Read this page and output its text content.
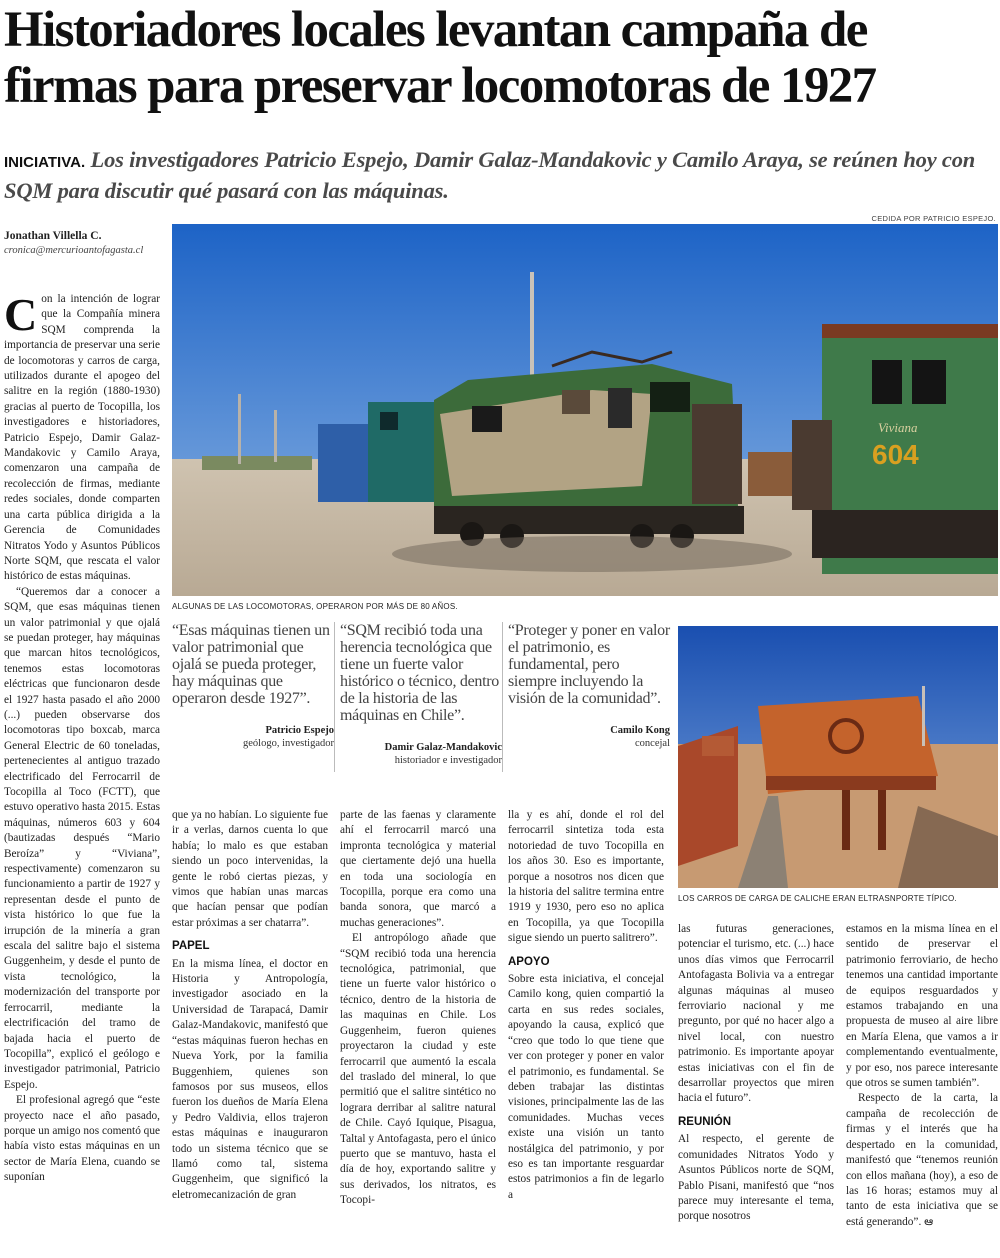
Historiadores locales levantan campaña de firmas para preservar locomotoras de 1927
INICIATIVA. Los investigadores Patricio Espejo, Damir Galaz-Mandakovic y Camilo Araya, se reúnen hoy con SQM para discutir qué pasará con las máquinas.
CEDIDA POR PATRICIO ESPEJO.
Jonathan Villella C.
cronica@mercurioantofagasta.cl
604
Viviana
ALGUNAS DE LAS LOCOMOTORAS, OPERARON POR MÁS DE 80 AÑOS.
LOS CARROS DE CARGA DE CALICHE ERAN ELTRASNPORTE TÍPICO.
“Esas máquinas tienen un valor patrimonial que ojalá se pueda proteger, hay máquinas que operaron desde 1927”.
Patricio Espejo
geólogo, investigador
“SQM recibió toda una herencia tecnológica que tiene un fuerte valor histórico o técnico, dentro de la historia de las máquinas en Chile”.
Damir Galaz-Mandakovic
historiador e investigador
“Proteger y poner en valor el patrimonio, es fundamental, pero siempre incluyendo la visión de la comunidad”.
Camilo Kong
concejal

Con la intención de lograr que la Compañía minera SQM comprenda la importancia de preservar una serie de locomotoras y carros de carga, utilizados durante el apogeo del salitre en la región (1880-1930) gracias al puerto de Tocopilla, los investigadores e historiadores, Patricio Espejo, Damir Galaz-Mandakovic y Camilo Araya, comenzaron una campaña de recolección de firmas, mediante redes sociales, donde comparten una carta pública dirigida a la Gerencia de Comunidades Nitratos Yodo y Asuntos Públicos Norte SQM, que rescata el valor histórico de estas máquinas.

“Queremos dar a conocer a SQM, que esas máquinas tienen un valor patrimonial y que ojalá se puedan proteger, hay máquinas que marcan hitos tecnológicos, tenemos estas locomotoras eléctricas que funcionaron desde el 1927 hasta pasado el año 2000 (...) pueden observarse dos locomotoras tipo boxcab, marca General Electric de 60 toneladas, pertenecientes al antiguo trazado electrificado del Ferrocarril de Tocopilla al Toco (FCTT), que estuvo operativo hasta 2015. Estas máquinas, números 603 y 604 (bautizadas después “Mario Beroíza” y “Viviana”, respectivamente) comenzaron su funcionamiento a partir de 1927 y representan desde el punto de vista histórico lo que fue la irrupción de la minería a gran escala del salitre bajo el sistema Guggenheim, y desde el punto de vista tecnológico, la modernización del transporte por ferrocarril, mediante la electrificación del tramo de bajada hacia el puerto de Tocopilla”, explicó el geólogo e investigador patrimonial, Patricio Espejo.

El profesional agregó que “este proyecto nace el año pasado, porque un amigo nos comentó que había visto estas máquinas en un sector de María Elena, cuando se suponían

que ya no habían. Lo siguiente fue ir a verlas, darnos cuenta lo que había; lo malo es que estaban siendo un poco intervenidas, la gente le robó ciertas piezas, y vimos que habían unas marcas que hacían pensar que podían estar próximas a ser chatarra”.

PAPEL

En la misma línea, el doctor en Historia y Antropología, investigador asociado en la Universidad de Tarapacá, Damir Galaz-Mandakovic, manifestó que “estas máquinas fueron hechas en Nueva York, por la familia Buggenhiem, quienes son famosos por sus museos, ellos fueron los dueños de María Elena y Pedro Valdivia, ellos trajeron estas máquinas e inauguraron todo un sistema técnico que se llamó como tal, sistema Guggenheim, que significó la eletromecanización de gran

parte de las faenas y claramente ahí el ferrocarril marcó una impronta tecnológica y material que ciertamente dejó una huella en toda una sociología en Tocopilla, porque era como una banda sonora, que marcó a muchas generaciones”.

El antropólogo añade que “SQM recibió toda una herencia tecnológica, patrimonial, que tiene un fuerte valor histórico o técnico, dentro de la historia de las maquinas en Chile. Los Guggenheim, fueron quienes proyectaron la ciudad y este ferrocarril que aumentó la escala del traslado del mineral, lo que permitió que el salitre sintético no lograra derribar al salitre natural de Chile. Cayó Iquique, Pisagua, Taltal y Antofagasta, pero el único puerto que se mantuvo, hasta el día de hoy, exportando salitre y sus derivados, los nitratos, es Tocopi-

lla y es ahí, donde el rol del ferrocarril sintetiza toda esta notoriedad de tuvo Tocopilla en los años 30. Eso es importante, porque a nosotros nos dicen que la historia del salitre termina entre 1919 y 1930, pero eso no aplica en Tocopilla, ya que Tocopilla sigue siendo un puerto salitrero”.

APOYO

Sobre esta iniciativa, el concejal Camilo kong, quien compartió la carta en sus redes sociales, apoyando la causa, explicó que “creo que todo lo que tiene que ver con proteger y poner en valor el patrimonio, es fundamental. Se deben trabajar las distintas visiones, principalmente las de las comunidades. Muchas veces existe una visión un tanto nostálgica del patrimonio, y por eso es tan importante resguardar estos patrimonios a fin de legarlo a

las futuras generaciones, potenciar el turismo, etc. (...) hace unos días vimos que Ferrocarril Antofagasta Bolivia va a entregar algunas máquinas al museo ferroviario nacional y me pregunto, por qué no hacer algo a nivel local, con nuestro patrimonio. Es importante apoyar estas iniciativas con el fin de desarrollar proyectos que miren hacia el futuro”.

REUNIÓN

Al respecto, el gerente de comunidades Nitratos Yodo y Asuntos Públicos norte de SQM, Pablo Pisani, manifestó que “nos parece muy interesante el tema, porque nosotros

estamos en la misma línea en el sentido de preservar el patrimonio ferroviario, de hecho tenemos una cantidad importante de equipos resguardados y estamos trabajando en una propuesta de museo al aire libre en María Elena, que vamos a ir complementando eventualmente, y por eso, nos parece interesante que otros se sumen también”.

Respecto de la carta, la campaña de recolección de firmas y el interés que ha despertado en la comunidad, manifestó que “tenemos reunión con ellos mañana (hoy), a eso de las 16 horas; estamos muy al tanto de esta iniciativa que se está generando”. ఆ
